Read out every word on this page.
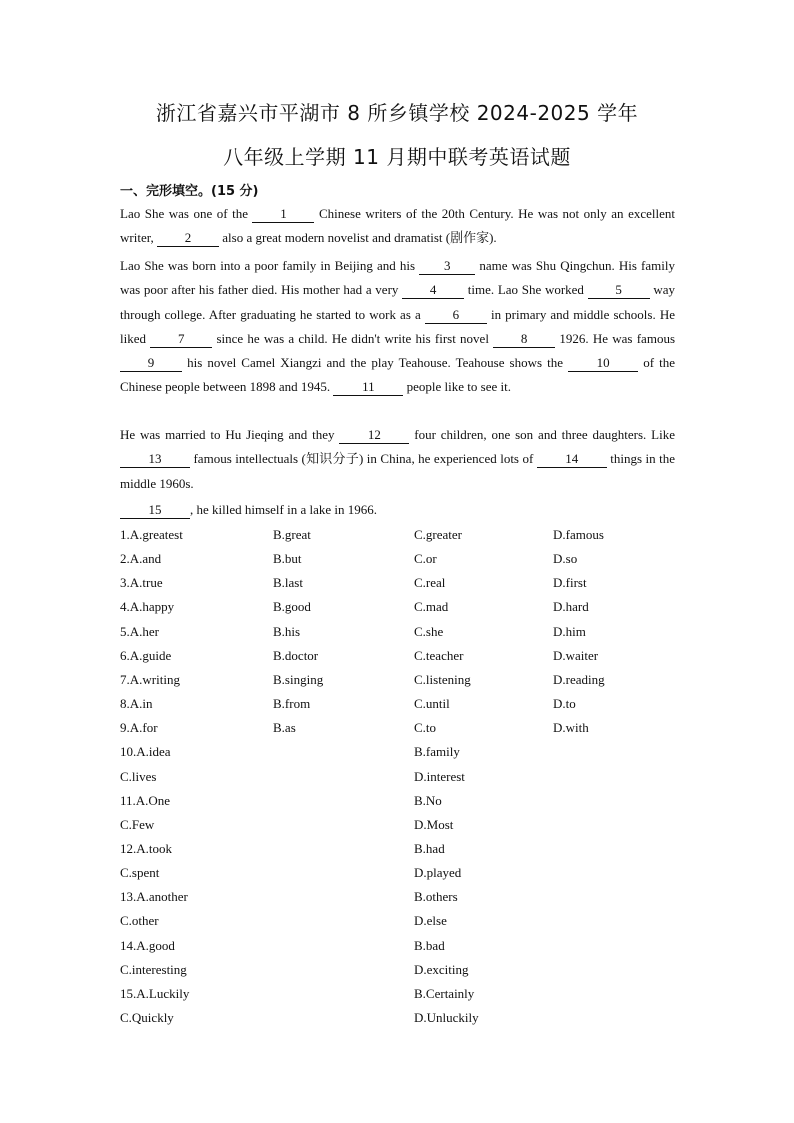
浙江省嘉兴市平湖市 8 所乡镇学校 2024-2025 学年
八年级上学期 11 月期中联考英语试题
一、完形填空。(15 分)
Lao She was one of the 1 Chinese writers of the 20th Century. He was not only an excellent writer, 2 also a great modern novelist and dramatist (剧作家).
Lao She was born into a poor family in Beijing and his 3 name was Shu Qingchun. His family was poor after his father died. His mother had a very 4 time. Lao She worked 5 way through college. After graduating he started to work as a 6 in primary and middle schools. He liked 7 since he was a child. He didn't write his first novel 8 1926. He was famous 9 his novel Camel Xiangzi and the play Teahouse. Teahouse shows the 10 of the Chinese people between 1898 and 1945. 11 people like to see it.
He was married to Hu Jieqing and they 12 four children, one son and three daughters. Like 13 famous intellectuals (知识分子) in China, he experienced lots of 14 things in the middle 1960s.
15 , he killed himself in a lake in 1966.
1.A.greatest	B.great	C.greater	D.famous
2.A.and	B.but	C.or	D.so
3.A.true	B.last	C.real	D.first
4.A.happy	B.good	C.mad	D.hard
5.A.her	B.his	C.she	D.him
6.A.guide	B.doctor	C.teacher	D.waiter
7.A.writing	B.singing	C.listening	D.reading
8.A.in	B.from	C.until	D.to
9.A.for	B.as	C.to	D.with
10.A.idea	B.family
C.lives	D.interest
11.A.One	B.No
C.Few	D.Most
12.A.took	B.had
C.spent	D.played
13.A.another	B.others
C.other	D.else
14.A.good	B.bad
C.interesting	D.exciting
15.A.Luckily	B.Certainly
C.Quickly	D.Unluckily
